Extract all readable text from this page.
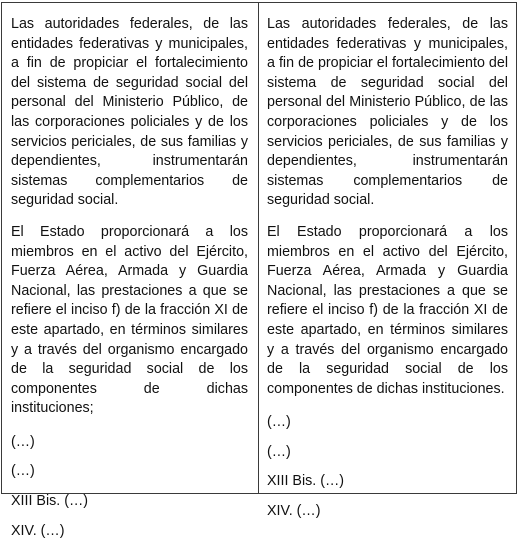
Las autoridades federales, de las entidades federativas y municipales, a fin de propiciar el fortalecimiento del sistema de seguridad social del personal del Ministerio Público, de las corporaciones policiales y de los servicios periciales, de sus familias y dependientes, instrumentarán sistemas complementarios de seguridad social.

El Estado proporcionará a los miembros en el activo del Ejército, Fuerza Aérea, Armada y Guardia Nacional, las prestaciones a que se refiere el inciso f) de la fracción XI de este apartado, en términos similares y a través del organismo encargado de la seguridad social de los componentes de dichas instituciones;

(…)

(…)

XIII Bis. (…)

XIV. (…)

Las autoridades federales, de las entidades federativas y municipales, a fin de propiciar el fortalecimiento del sistema de seguridad social del personal del Ministerio Público, de las corporaciones policiales y de los servicios periciales, de sus familias y dependientes, instrumentarán sistemas complementarios de seguridad social.

El Estado proporcionará a los miembros en el activo del Ejército, Fuerza Aérea, Armada y Guardia Nacional, las prestaciones a que se refiere el inciso f) de la fracción XI de este apartado, en términos similares y a través del organismo encargado de la seguridad social de los componentes de dichas instituciones.

(…)

(…)

XIII Bis. (…)

XIV. (…)
